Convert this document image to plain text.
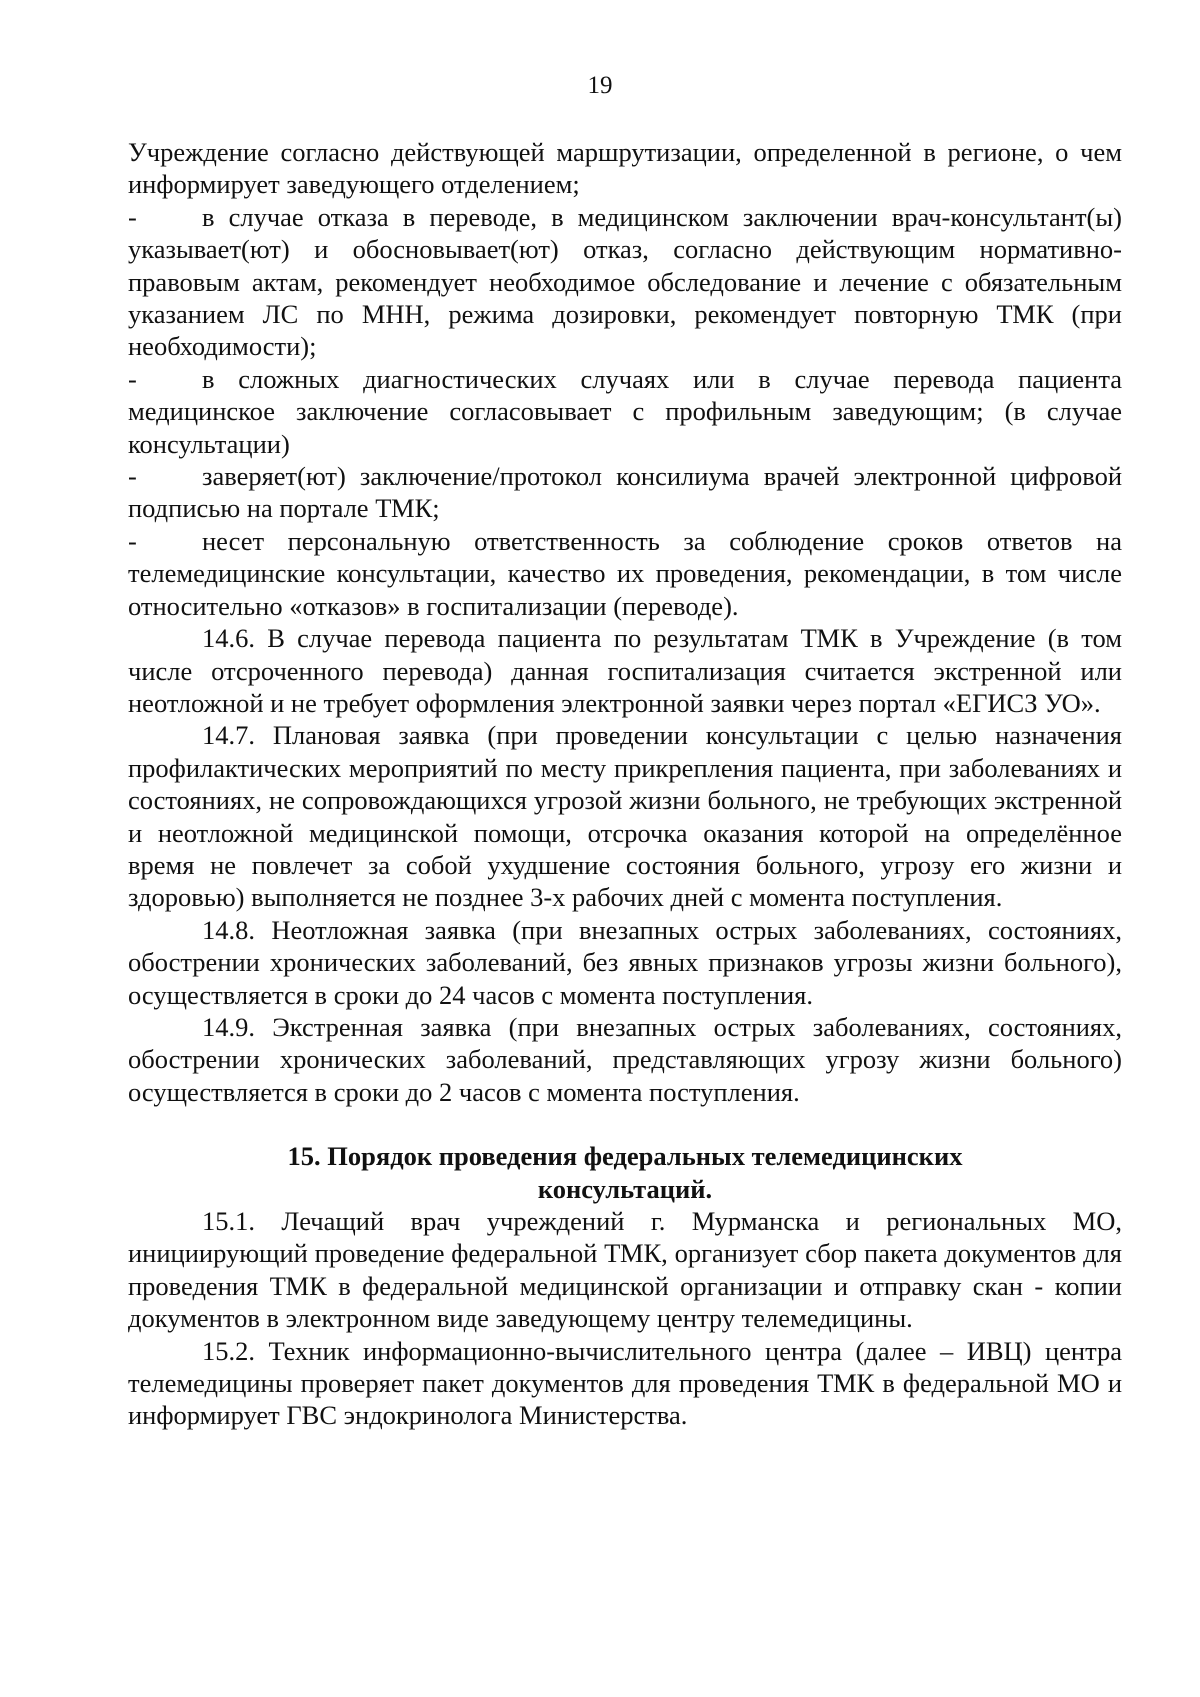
19

Учреждение согласно действующей маршрутизации, определенной в регионе, о чем информирует заведующего отделением;

- в случае отказа в переводе, в медицинском заключении врач-консультант(ы) указывает(ют) и обосновывает(ют) отказ, согласно действующим нормативно- правовым актам, рекомендует необходимое обследование и лечение с обязательным указанием ЛС по МНН, режима дозировки, рекомендует повторную ТМК (при необходимости);

- в сложных диагностических случаях или в случае перевода пациента медицинское заключение согласовывает с профильным заведующим; (в случае консультации)

- заверяет(ют) заключение/протокол консилиума врачей электронной цифровой подписью на портале ТМК;

- несет персональную ответственность за соблюдение сроков ответов на телемедицинские консультации, качество их проведения, рекомендации, в том числе относительно «отказов» в госпитализации (переводе).

14.6. В случае перевода пациента по результатам ТМК в Учреждение (в том числе отсроченного перевода) данная госпитализация считается экстренной или неотложной и не требует оформления электронной заявки через портал «ЕГИСЗ УО».

14.7. Плановая заявка (при проведении консультации с целью назначения профилактических мероприятий по месту прикрепления пациента, при заболеваниях и состояниях, не сопровождающихся угрозой жизни больного, не требующих экстренной и неотложной медицинской помощи, отсрочка оказания которой на определённое время не повлечет за собой ухудшение состояния больного, угрозу его жизни и здоровью) выполняется не позднее 3-х рабочих дней с момента поступления.

14.8. Неотложная заявка (при внезапных острых заболеваниях, состояниях, обострении хронических заболеваний, без явных признаков угрозы жизни больного), осуществляется в сроки до 24 часов с момента поступления.

14.9. Экстренная заявка (при внезапных острых заболеваниях, состояниях, обострении хронических заболеваний, представляющих угрозу жизни больного) осуществляется в сроки до 2 часов с момента поступления.

15. Порядок проведения федеральных телемедицинских
консультаций.

15.1. Лечащий врач учреждений г. Мурманска и региональных МО, инициирующий проведение федеральной ТМК, организует сбор пакета документов для проведения ТМК в федеральной медицинской организации и отправку скан - копии документов в электронном виде заведующему центру телемедицины.

15.2. Техник информационно-вычислительного центра (далее – ИВЦ) центра телемедицины проверяет пакет документов для проведения ТМК в федеральной МО и информирует ГВС эндокринолога Министерства.
